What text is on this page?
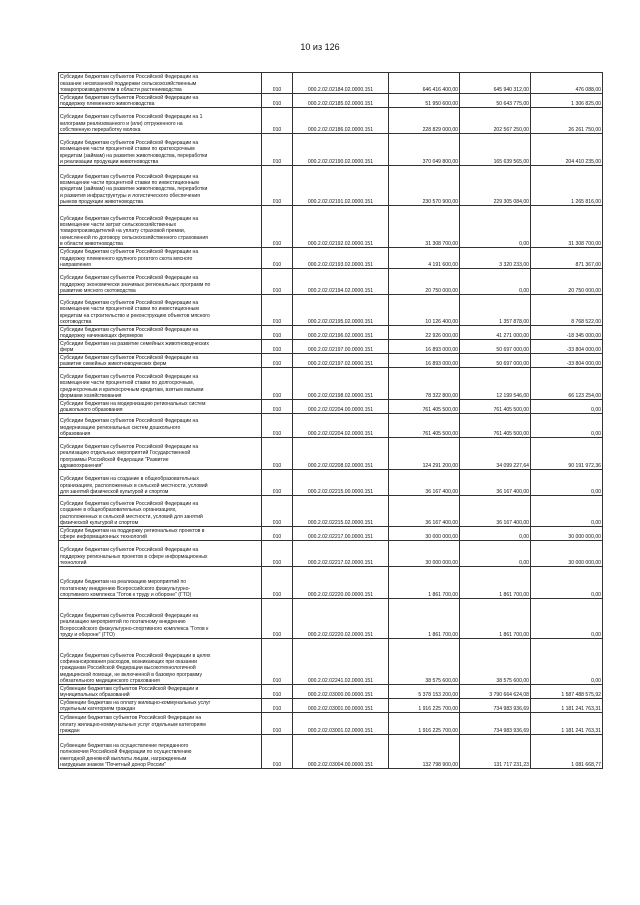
10 из 126
Субсидии бюджетам субъектов Российской Федерации на
оказание несвязанной поддержки сельскохозяйственным
товаропроизводителям в области растениеводства	010	000.2.02.02184.02.0000.151	646 416 400,00	645 940 312,00	476 088,00
Субсидии бюджетам субъектов Российской Федерации на
поддержку племенного животноводства	010	000.2.02.02185.02.0000.151	51 950 600,00	50 643 775,00	1 306 825,00
Субсидии бюджетам субъектов Российской Федерации на 1
килограмм реализованного и (или) отгруженного на
собственную переработку молока	010	000.2.02.02186.02.0000.151	228 829 000,00	202 567 250,00	26 261 750,00
Субсидии бюджетам субъектов Российской Федерации на
возмещение части процентной ставки по краткосрочным
кредитам (займам) на развитие животноводства, переработки
и реализации продукции животноводства	010	000.2.02.02190.02.0000.151	370 049 800,00	165 639 565,00	204 410 235,00
Субсидии бюджетам субъектов Российской Федерации на
возмещение части процентной ставки по инвестиционным
кредитам (займам) на развитие животноводства, переработки
и развития инфраструктуры и логистического обеспечения
рынков продукции животноводства	010	000.2.02.02191.02.0000.151	230 570 900,00	229 305 084,00	1 265 816,00
Субсидии бюджетам субъектов Российской Федерации на
возмещение части затрат сельскохозяйственных
товаропроизводителей на уплату страховой премии,
начисленной по договору сельскохозяйственного страхования
в области животноводства	010	000.2.02.02192.02.0000.151	31 308 700,00	0,00	31 308 700,00
Субсидии бюджетам субъектов Российской Федерации на
поддержку племенного крупного рогатого скота мясного
направления	010	000.2.02.02193.02.0000.151	4 191 600,00	3 320 233,00	871 367,00
Субсидии бюджетам субъектов Российской Федерации на
поддержку экономически значимых региональных программ по
развитию мясного скотоводства	010	000.2.02.02194.02.0000.151	20 750 000,00	0,00	20 750 000,00
Субсидии бюджетам субъектов Российской Федерации на
возмещение части процентной ставки по инвестиционным
кредитам на строительство и реконструкцию объектов мясного
скотоводства	010	000.2.02.02195.02.0000.151	10 126 400,00	1 357 878,00	8 768 522,00
Субсидии бюджетам субъектов Российской Федерации на
поддержку начинающих фермеров	010	000.2.02.02196.02.0000.151	22 926 000,00	41 271 000,00	-18 345 000,00
Субсидии бюджетам на развитие семейных животноводческих
ферм	010	000.2.02.02197.00.0000.151	16 893 000,00	50 697 000,00	-33 804 000,00
Субсидии бюджетам субъектов Российской Федерации на
развитие семейных животноводческих ферм	010	000.2.02.02197.02.0000.151	16 893 000,00	50 697 000,00	-33 804 000,00
Субсидии бюджетам субъектов Российской Федерации на
возмещение части процентной ставки по долгосрочным,
среднесрочным и краткосрочным кредитам, взятым малыми
формами хозяйствования	010	000.2.02.02198.02.0000.151	78 322 800,00	12 199 546,00	66 123 254,00
Субсидии бюджетам на модернизацию региональных систем
дошкольного образования	010	000.2.02.02204.00.0000.151	761 405 500,00	761 405 500,00	0,00
Субсидии бюджетам субъектов Российской Федерации на
модернизацию региональных систем дошкольного
образования	010	000.2.02.02204.02.0000.151	761 405 500,00	761 405 500,00	0,00
Субсидии бюджетам субъектов Российской Федерации на
реализацию отдельных мероприятий Государственной
программы Российской Федерации "Развитие
здравоохранения"	010	000.2.02.02208.02.0000.151	124 291 200,00	34 099 227,64	90 191 972,36
Субсидии бюджетам на создание в общеобразовательных
организациях, расположенных в сельской местности, условий
для занятий физической культурой и спортом	010	000.2.02.02215.00.0000.151	36 167 400,00	36 167 400,00	0,00
Субсидии бюджетам субъектов Российской Федерации на
создание в общеобразовательных организациях,
расположенных в сельской местности, условий для занятий
физической культурой и спортом	010	000.2.02.02215.02.0000.151	36 167 400,00	36 167 400,00	0,00
Субсидии бюджетам на поддержку региональных проектов в
сфере информационных технологий	010	000.2.02.02217.00.0000.151	30 000 000,00	0,00	30 000 000,00
Субсидии бюджетам субъектов Российской Федерации на
поддержку региональных проектов в сфере информационных
технологий	010	000.2.02.02217.02.0000.151	30 000 000,00	0,00	30 000 000,00
Субсидии бюджетам на реализацию мероприятий по
поэтапному внедрению Всероссийского физкультурно-
спортивного комплекса "Готов к труду и обороне" (ГТО)	010	000.2.02.02220.00.0000.151	1 861 700,00	1 861 700,00	0,00
Субсидии бюджетам субъектов Российской Федерации на
реализацию мероприятий по поэтапному внедрению
Всероссийского физкультурно-спортивного комплекса "Готов к
труду и обороне" (ГТО)	010	000.2.02.02220.02.0000.151	1 861 700,00	1 861 700,00	0,00
Субсидии бюджетам субъектов Российской Федерации в целях
софинансирования расходов, возникающих при оказании
гражданам Российской Федерации высокотехнологичной
медицинской помощи, не включенной в базовую программу
обязательного медицинского страхования	010	000.2.02.02241.02.0000.151	38 575 600,00	38 575 600,00	0,00
Субвенции бюджетам субъектов Российской Федерации и
муниципальных образований	010	000.2.02.03000.00.0000.151	5 378 153 200,00	3 790 664 624,08	1 587 488 575,92
Субвенции бюджетам на оплату жилищно-коммунальных услуг
отдельным категориям граждан	010	000.2.02.03001.00.0000.151	1 916 225 700,00	734 983 936,69	1 181 241 763,31
Субвенции бюджетам субъектов Российской Федерации на
оплату жилищно-коммунальных услуг отдельным категориям
граждан	010	000.2.02.03001.02.0000.151	1 916 225 700,00	734 983 936,69	1 181 241 763,31
Субвенции бюджетам на осуществление переданного
полномочия Российской Федерации по осуществлению
ежегодной денежной выплаты лицам, награжденным
нагрудным знаком "Почетный донор России"	010	000.2.02.03004.00.0000.151	132 798 900,00	131 717 231,23	1 081 668,77
